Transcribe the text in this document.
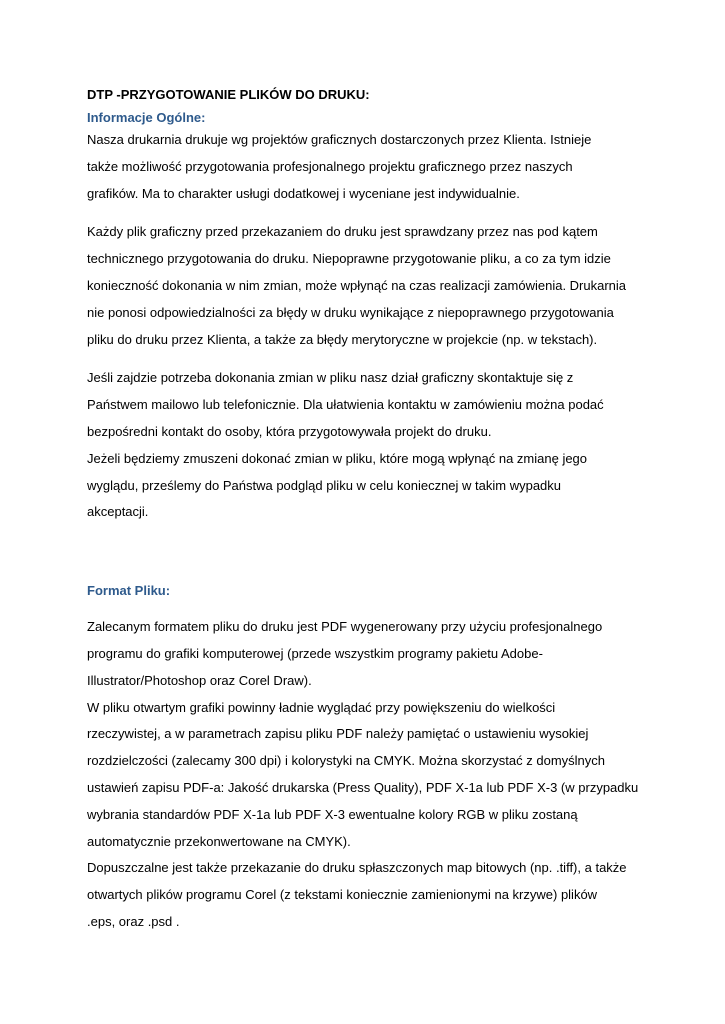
DTP -PRZYGOTOWANIE PLIKÓW DO DRUKU:
Informacje Ogólne:
Nasza drukarnia drukuje wg projektów graficznych dostarczonych przez Klienta. Istnieje
także możliwość przygotowania profesjonalnego projektu graficznego przez naszych
grafików. Ma to charakter usługi dodatkowej i wyceniane jest indywidualnie.
Każdy plik graficzny przed przekazaniem do druku jest sprawdzany przez nas pod kątem
technicznego przygotowania do druku. Niepoprawne przygotowanie pliku, a co za tym idzie
konieczność dokonania w nim zmian, może wpłynąć na czas realizacji zamówienia. Drukarnia
nie ponosi odpowiedzialności za błędy w druku wynikające z niepoprawnego przygotowania
pliku do druku przez Klienta, a także za błędy merytoryczne w projekcie (np. w tekstach).
Jeśli zajdzie potrzeba dokonania zmian w pliku nasz dział graficzny skontaktuje się z
Państwem mailowo lub telefonicznie. Dla ułatwienia kontaktu w zamówieniu można podać
bezpośredni kontakt do osoby, która przygotowywała projekt do druku.
Jeżeli będziemy zmuszeni dokonać zmian w pliku, które mogą wpłynąć na zmianę jego
wyglądu, prześlemy do Państwa podgląd pliku w celu koniecznej w takim wypadku
akceptacji.
Format Pliku:
Zalecanym formatem pliku do druku jest PDF wygenerowany przy użyciu profesjonalnego
programu do grafiki komputerowej (przede wszystkim programy pakietu Adobe-
Illustrator/Photoshop oraz Corel Draw).
W pliku otwartym grafiki powinny ładnie wyglądać przy powiększeniu do wielkości
rzeczywistej, a w parametrach zapisu pliku PDF należy pamiętać o ustawieniu wysokiej
rozdzielczości (zalecamy 300 dpi) i kolorystyki na CMYK. Można skorzystać z domyślnych
ustawień zapisu PDF-a: Jakość drukarska (Press Quality), PDF X-1a lub PDF X-3 (w przypadku
wybrania standardów PDF X-1a lub PDF X-3 ewentualne kolory RGB w pliku zostaną
automatycznie przekonwertowane na CMYK).
Dopuszczalne jest także przekazanie do druku spłaszczonych map bitowych (np. .tiff), a także
otwartych plików programu Corel (z tekstami koniecznie zamienionymi na krzywe) plików
.eps, oraz .psd .
